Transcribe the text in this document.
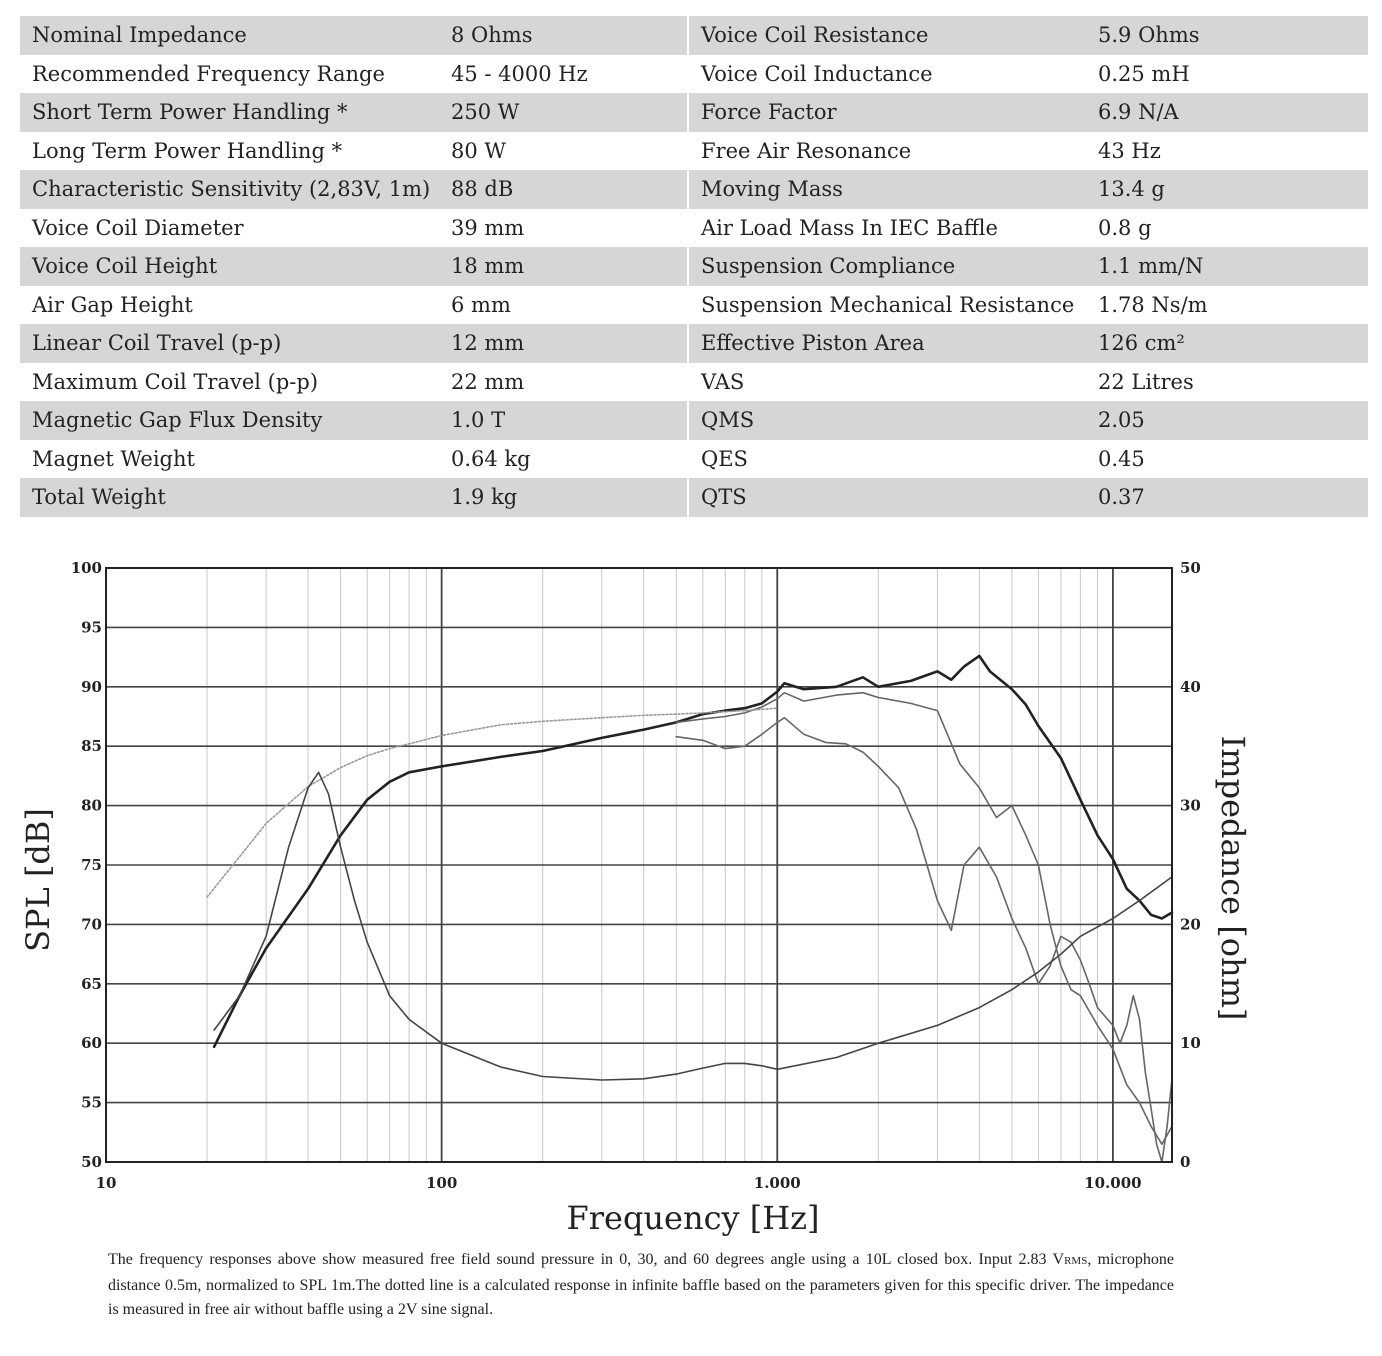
Nominal Impedance	8 Ohms	Voice Coil Resistance	5.9 Ohms
Recommended Frequency Range	45 - 4000 Hz	Voice Coil Inductance	0.25 mH
Short Term Power Handling *	250 W	Force Factor	6.9 N/A
Long Term Power Handling *	80 W	Free Air Resonance	43 Hz
Characteristic Sensitivity (2,83V, 1m)	88 dB	Moving Mass	13.4 g
Voice Coil Diameter	39 mm	Air Load Mass In IEC Baffle	0.8 g
Voice Coil Height	18 mm	Suspension Compliance	1.1 mm/N
Air Gap Height	6 mm	Suspension Mechanical Resistance	1.78 Ns/m
Linear Coil Travel (p-p)	12 mm	Effective Piston Area	126 cm²
Maximum Coil Travel (p-p)	22 mm	VAS	22 Litres
Magnetic Gap Flux Density	1.0 T	QMS	2.05
Magnet Weight	0.64 kg	QES	0.45
Total Weight	1.9 kg	QTS	0.37
50
55
60
65
70
75
80
85
90
95
100
0
10
20
30
40
50
10	100	1.000	10.000
Frequency [Hz]
SPL [dB]	Impedance [ohm]
The frequency responses above show measured free field sound pressure in 0, 30, and 60 degrees angle using a 10L closed box. Input 2.83 VRMS, microphone distance 0.5m, normalized to SPL 1m.The dotted line is a calculated response in infinite baffle based on the parameters given for this specific driver. The impedance is measured in free air without baffle using a 2V sine signal.
